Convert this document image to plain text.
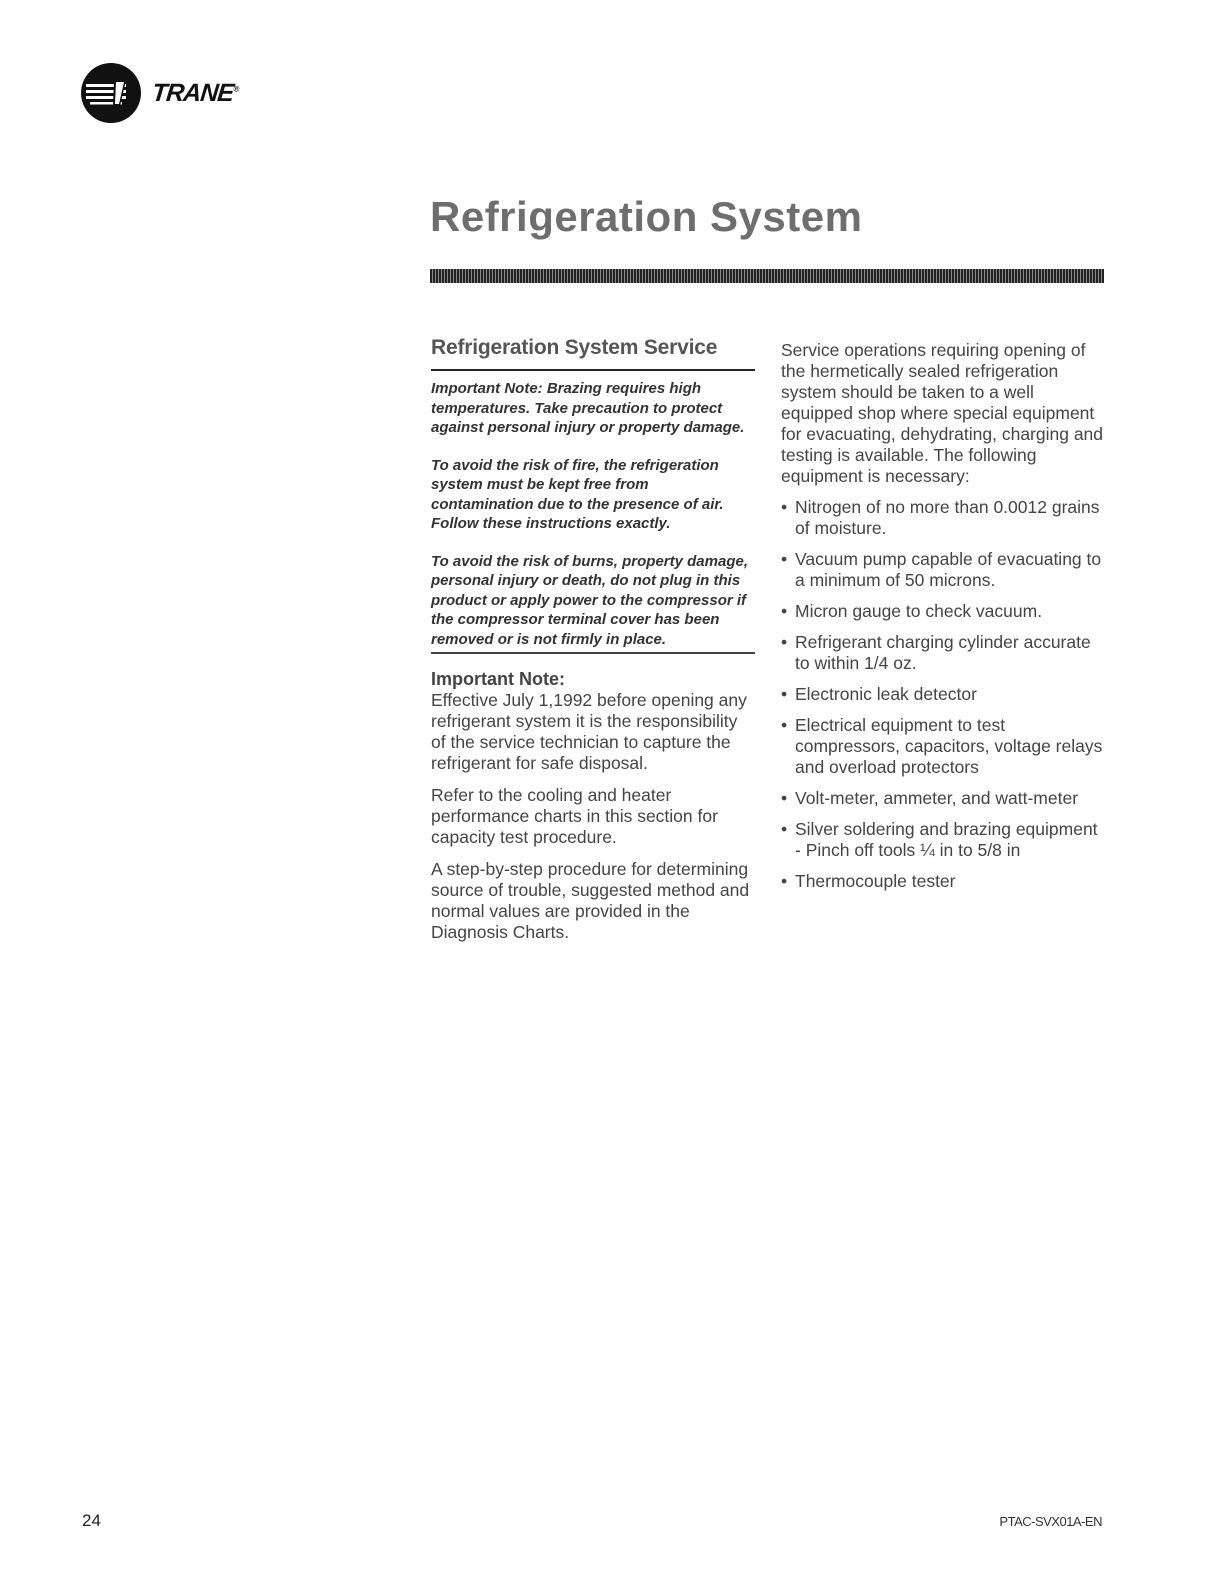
TRANE®
Refrigeration System
Refrigeration System Service

Important Note: Brazing requires high temperatures. Take precaution to protect against personal injury or property damage.

To avoid the risk of fire, the refrigeration system must be kept free from contamination due to the presence of air. Follow these instructions exactly.

To avoid the risk of burns, property damage, personal injury or death, do not plug in this product or apply power to the compressor if the compressor terminal cover has been removed or is not firmly in place.

Important Note:

Effective July 1,1992 before opening any refrigerant system it is the responsibility of the service technician to capture the refrigerant for safe disposal.

Refer to the cooling and heater performance charts in this section for capacity test procedure.

A step-by-step procedure for determining source of trouble, suggested method and normal values are provided in the Diagnosis Charts.

Service operations requiring opening of the hermetically sealed refrigeration system should be taken to a well equipped shop where special equipment for evacuating, dehydrating, charging and testing is available. The following equipment is necessary:

• Nitrogen of no more than 0.0012 grains of moisture.
• Vacuum pump capable of evacuating to a minimum of 50 microns.
• Micron gauge to check vacuum.
• Refrigerant charging cylinder accurate to within 1/4 oz.
• Electronic leak detector
• Electrical equipment to test compressors, capacitors, voltage relays and overload protectors
• Volt-meter, ammeter, and watt-meter
• Silver soldering and brazing equipment - Pinch off tools ¼ in to 5/8 in
• Thermocouple tester
24	PTAC-SVX01A-EN
